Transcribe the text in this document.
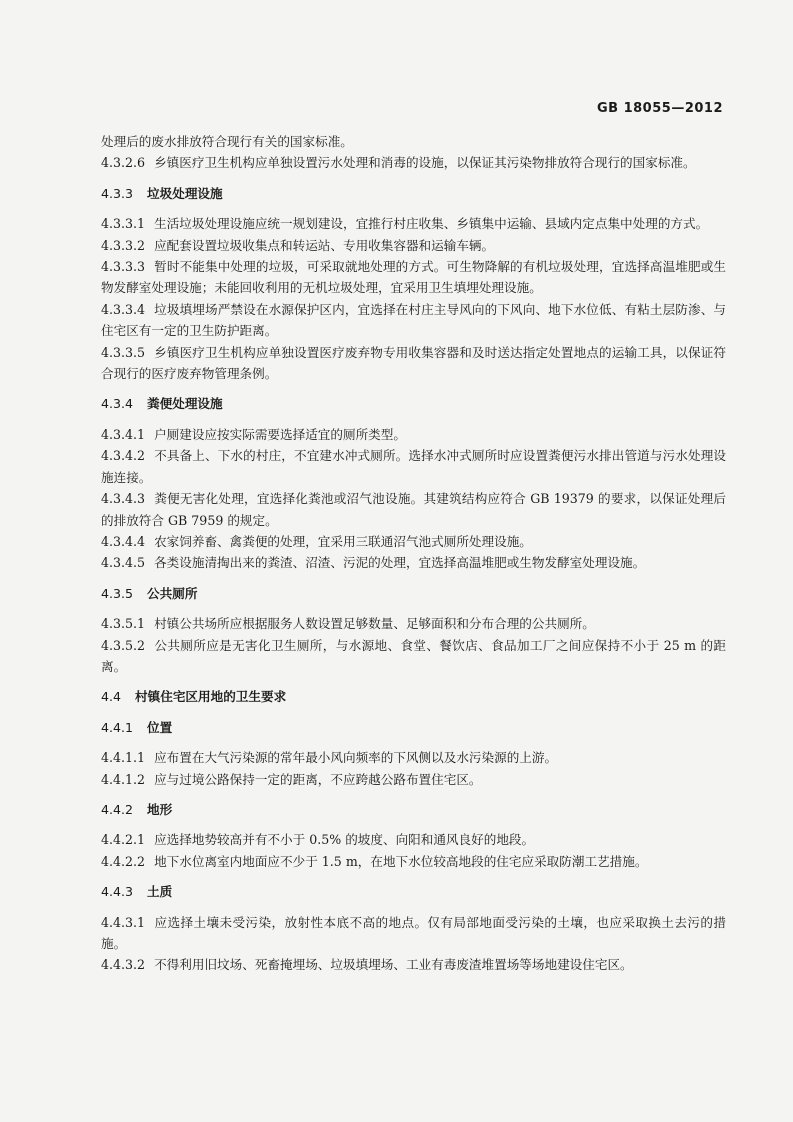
GB 18055—2012
处理后的废水排放符合现行有关的国家标准。
4.3.2.6 乡镇医疗卫生机构应单独设置污水处理和消毒的设施，以保证其污染物排放符合现行的国家标准。
4.3.3 垃圾处理设施
4.3.3.1 生活垃圾处理设施应统一规划建设，宜推行村庄收集、乡镇集中运输、县域内定点集中处理的方式。
4.3.3.2 应配套设置垃圾收集点和转运站、专用收集容器和运输车辆。
4.3.3.3 暂时不能集中处理的垃圾，可采取就地处理的方式。可生物降解的有机垃圾处理，宜选择高温堆肥或生物发酵室处理设施；未能回收利用的无机垃圾处理，宜采用卫生填埋处理设施。
4.3.3.4 垃圾填埋场严禁设在水源保护区内，宜选择在村庄主导风向的下风向、地下水位低、有粘土层防渗、与住宅区有一定的卫生防护距离。
4.3.3.5 乡镇医疗卫生机构应单独设置医疗废弃物专用收集容器和及时送达指定处置地点的运输工具，以保证符合现行的医疗废弃物管理条例。
4.3.4 粪便处理设施
4.3.4.1 户厕建设应按实际需要选择适宜的厕所类型。
4.3.4.2 不具备上、下水的村庄，不宜建水冲式厕所。选择水冲式厕所时应设置粪便污水排出管道与污水处理设施连接。
4.3.4.3 粪便无害化处理，宜选择化粪池或沼气池设施。其建筑结构应符合 GB 19379 的要求，以保证处理后的排放符合 GB 7959 的规定。
4.3.4.4 农家饲养畜、禽粪便的处理，宜采用三联通沼气池式厕所处理设施。
4.3.4.5 各类设施清掏出来的粪渣、沼渣、污泥的处理，宜选择高温堆肥或生物发酵室处理设施。
4.3.5 公共厕所
4.3.5.1 村镇公共场所应根据服务人数设置足够数量、足够面积和分布合理的公共厕所。
4.3.5.2 公共厕所应是无害化卫生厕所，与水源地、食堂、餐饮店、食品加工厂之间应保持不小于 25 m 的距离。
4.4 村镇住宅区用地的卫生要求
4.4.1 位置
4.4.1.1 应布置在大气污染源的常年最小风向频率的下风侧以及水污染源的上游。
4.4.1.2 应与过境公路保持一定的距离，不应跨越公路布置住宅区。
4.4.2 地形
4.4.2.1 应选择地势较高并有不小于 0.5% 的坡度、向阳和通风良好的地段。
4.4.2.2 地下水位离室内地面应不少于 1.5 m，在地下水位较高地段的住宅应采取防潮工艺措施。
4.4.3 土质
4.4.3.1 应选择土壤未受污染，放射性本底不高的地点。仅有局部地面受污染的土壤，也应采取换土去污的措施。
4.4.3.2 不得利用旧坟场、死畜掩埋场、垃圾填埋场、工业有毒废渣堆置场等场地建设住宅区。
